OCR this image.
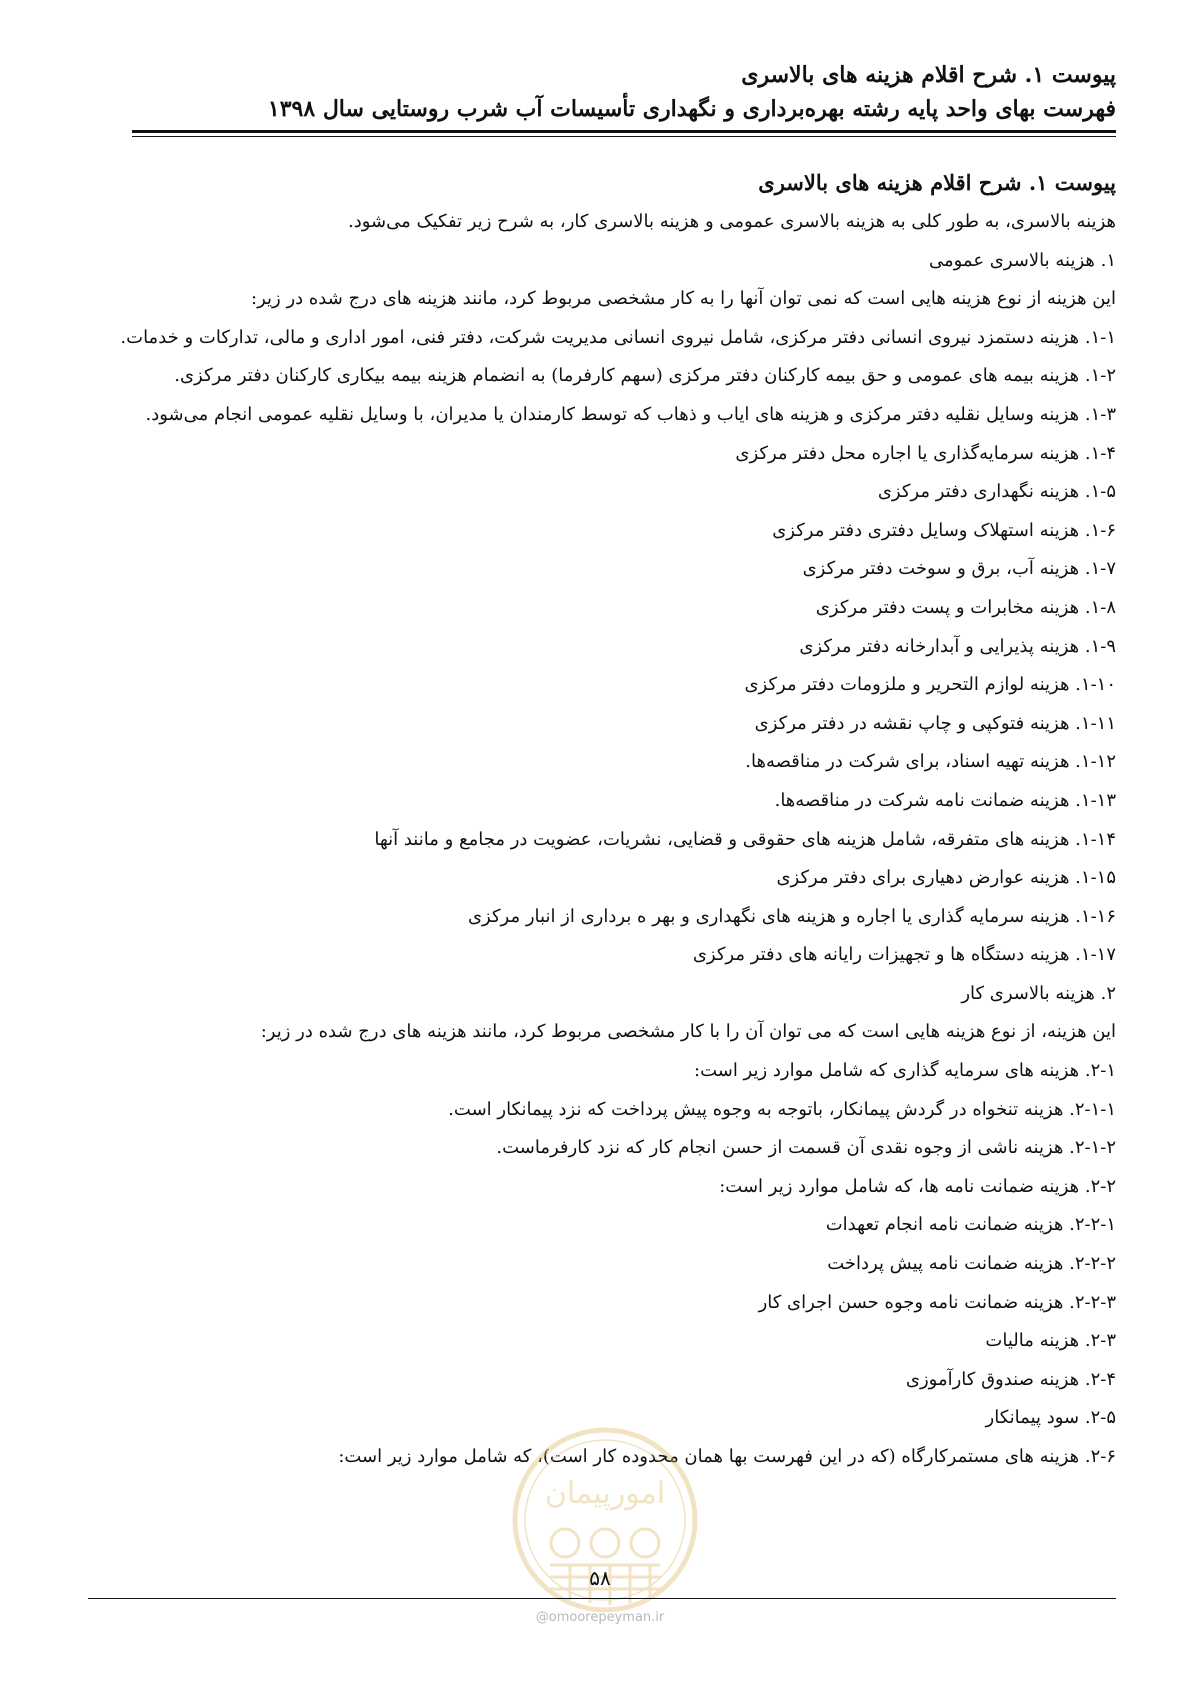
پیوست ۱. شرح اقلام هزینه های بالاسری
فهرست بهای واحد پایه رشته بهره‌برداری و نگهداری تأسیسات آب شرب روستایی سال ۱۳۹۸
پیوست ۱. شرح اقلام هزینه های بالاسری
هزینه بالاسری، به طور کلی به هزینه بالاسری عمومی و هزینه بالاسری کار، به شرح زیر تفکیک می‌شود.
۱. هزینه بالاسری عمومی
این هزینه از نوع هزینه هایی است که نمی توان آنها را به کار مشخصی مربوط کرد، مانند هزینه های درج شده در زیر:
۱-۱. هزینه دستمزد نیروی انسانی دفتر مرکزی، شامل نیروی انسانی مدیریت شرکت، دفتر فنی، امور اداری و مالی، تدارکات و خدمات.
۱-۲. هزینه بیمه های عمومی و حق بیمه کارکنان دفتر مرکزی (سهم کارفرما) به انضمام هزینه بیمه بیکاری کارکنان دفتر مرکزی.
۱-۳. هزینه وسایل نقلیه دفتر مرکزی و هزینه های ایاب و ذهاب که توسط کارمندان یا مدیران، با وسایل نقلیه عمومی انجام می‌شود.
۱-۴. هزینه سرمایه‌گذاری یا اجاره محل دفتر مرکزی
۱-۵. هزینه نگهداری دفتر مرکزی
۱-۶. هزینه استهلاک وسایل دفتری دفتر مرکزی
۱-۷. هزینه آب، برق و سوخت دفتر مرکزی
۱-۸. هزینه مخابرات و پست دفتر مرکزی
۱-۹. هزینه پذیرایی و آبدارخانه دفتر مرکزی
۱-۱۰. هزینه لوازم التحریر و ملزومات دفتر مرکزی
۱-۱۱. هزینه فتوکپی و چاپ نقشه در دفتر مرکزی
۱-۱۲. هزینه تهیه اسناد، برای شرکت در مناقصه‌ها.
۱-۱۳. هزینه ضمانت نامه شرکت در مناقصه‌ها.
۱-۱۴. هزینه های متفرقه، شامل هزینه های حقوقی و قضایی، نشریات، عضویت در مجامع و مانند آنها
۱-۱۵. هزینه عوارض دهیاری برای دفتر مرکزی
۱-۱۶. هزینه سرمایه گذاری یا اجاره و هزینه های نگهداری و بهر ه برداری از انبار مرکزی
۱-۱۷. هزینه دستگاه ها و تجهیزات رایانه های دفتر مرکزی
۲. هزینه بالاسری کار
این هزینه، از نوع هزینه هایی است که می توان آن را با کار مشخصی مربوط کرد، مانند هزینه های درج شده در زیر:
۲-۱. هزینه های سرمایه گذاری که شامل موارد زیر است:
۲-۱-۱. هزینه تنخواه در گردش پیمانکار، باتوجه به وجوه پیش پرداخت که نزد پیمانکار است.
۲-۱-۲. هزینه ناشی از وجوه نقدی آن قسمت از حسن انجام کار که نزد کارفرماست.
۲-۲. هزینه ضمانت نامه ها، که شامل موارد زیر است:
۲-۲-۱. هزینه ضمانت نامه انجام تعهدات
۲-۲-۲. هزینه ضمانت نامه پیش پرداخت
۲-۲-۳. هزینه ضمانت نامه وجوه حسن اجرای کار
۲-۳. هزینه مالیات
۲-۴. هزینه صندوق کارآموزی
۲-۵. سود پیمانکار
۲-۶. هزینه های مستمرکارگاه (که در این فهرست بها همان محدوده کار است)، که شامل موارد زیر است:
امورپیمان
۵۸
@omoorepeyman.ir
